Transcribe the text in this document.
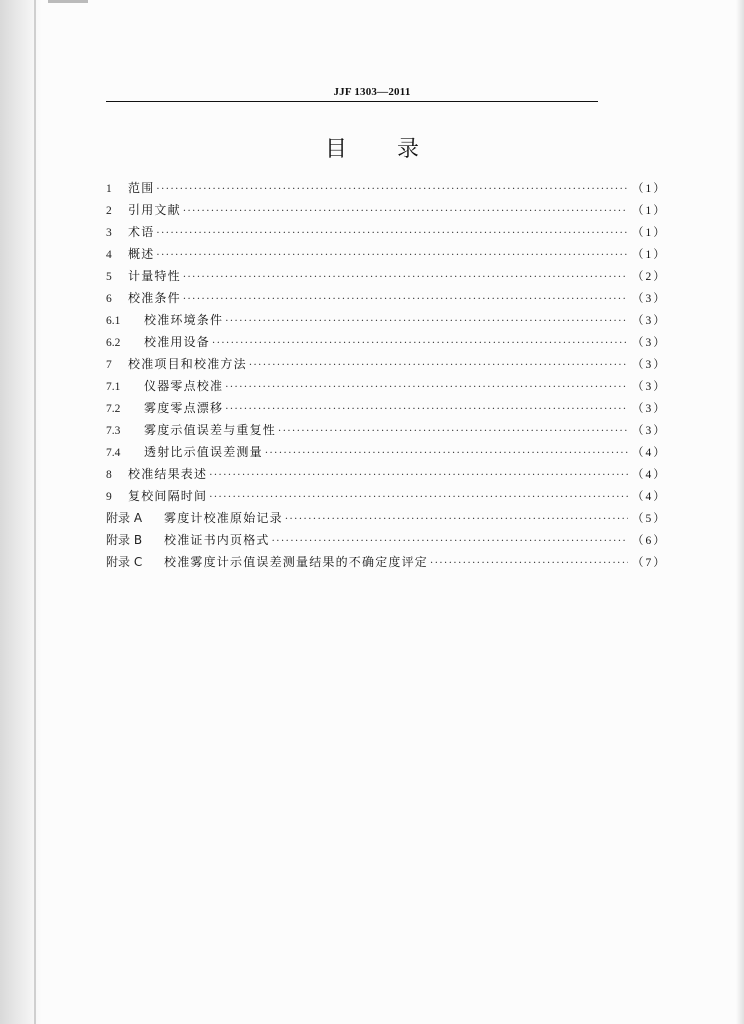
JJF 1303—2011
目录
1	范围 ·····	（1）
2	引用文献 ·····	（1）
3	术语 ·····	（1）
4	概述 ·····	（1）
5	计量特性 ·····	（2）
6	校准条件 ·····	（3）
6.1	校准环境条件 ·····	（3）
6.2	校准用设备 ·····	（3）
7	校准项目和校准方法 ·····	（3）
7.1	仪器零点校准 ·····	（3）
7.2	雾度零点漂移 ·····	（3）
7.3	雾度示值误差与重复性 ·····	（3）
7.4	透射比示值误差测量 ·····	（4）
8	校准结果表述 ·····	（4）
9	复校间隔时间 ·····	（4）
附录 A	雾度计校准原始记录 ·····	（5）
附录 B	校准证书内页格式 ·····	（6）
附录 C	校准雾度计示值误差测量结果的不确定度评定 ·····	（7）
